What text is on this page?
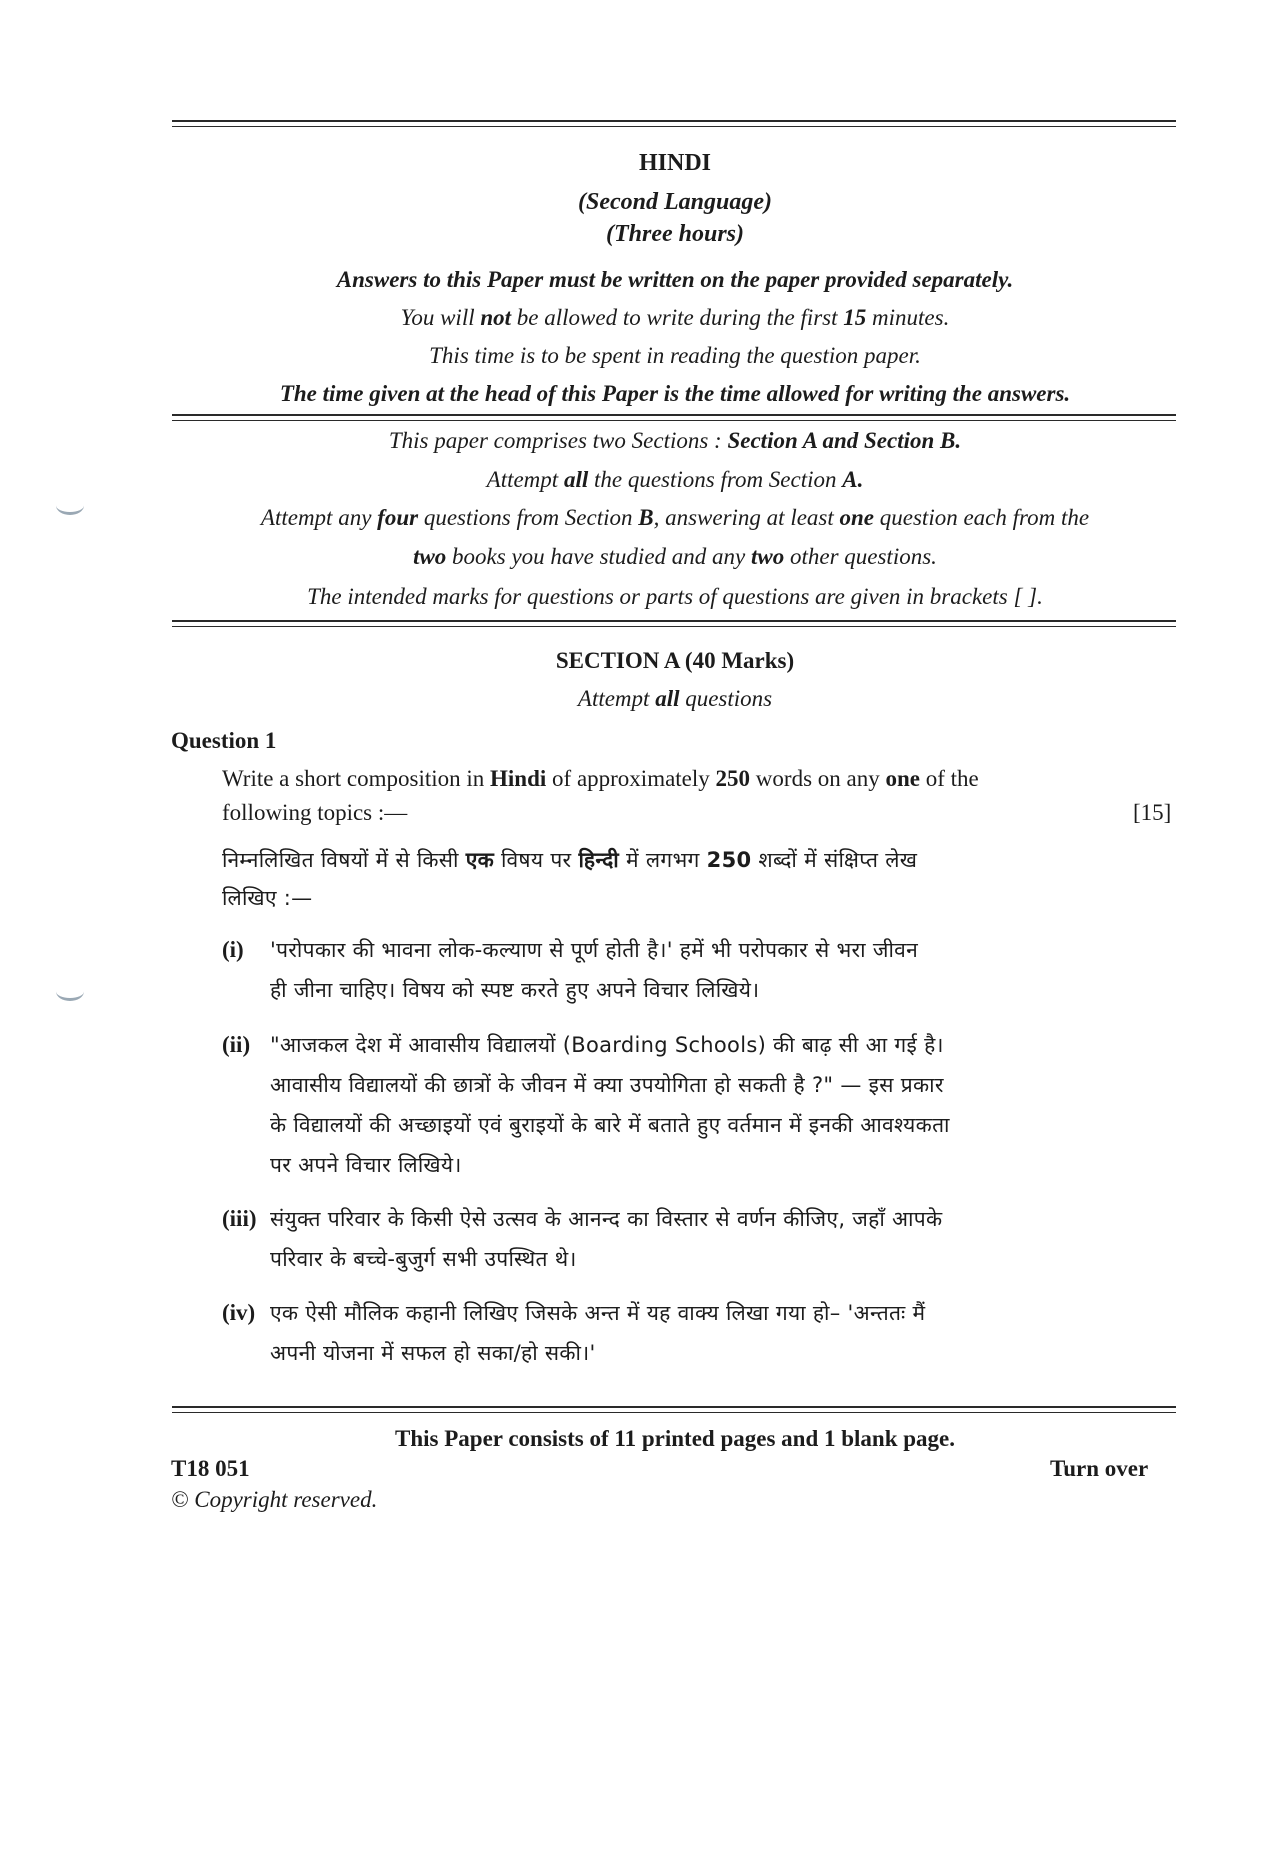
HINDI
(Second Language)
(Three hours)
Answers to this Paper must be written on the paper provided separately.
You will not be allowed to write during the first 15 minutes.
This time is to be spent in reading the question paper.
The time given at the head of this Paper is the time allowed for writing the answers.
This paper comprises two Sections : Section A and Section B.
Attempt all the questions from Section A.
Attempt any four questions from Section B, answering at least one question each from the
two books you have studied and any two other questions.
The intended marks for questions or parts of questions are given in brackets [ ].
SECTION A (40 Marks)
Attempt all questions
Question 1
Write a short composition in Hindi of approximately 250 words on any one of the
following topics :—	[15]
निम्नलिखित विषयों में से किसी एक विषय पर हिन्दी में लगभग 250 शब्दों में संक्षिप्त लेख
लिखिए :—
(i) 'परोपकार की भावना लोक-कल्याण से पूर्ण होती है।' हमें भी परोपकार से भरा जीवन
ही जीना चाहिए। विषय को स्पष्ट करते हुए अपने विचार लिखिये।
(ii) "आजकल देश में आवासीय विद्यालयों (Boarding Schools) की बाढ़ सी आ गई है।
आवासीय विद्यालयों की छात्रों के जीवन में क्या उपयोगिता हो सकती है ?" — इस प्रकार
के विद्यालयों की अच्छाइयों एवं बुराइयों के बारे में बताते हुए वर्तमान में इनकी आवश्यकता
पर अपने विचार लिखिये।
(iii) संयुक्त परिवार के किसी ऐसे उत्सव के आनन्द का विस्तार से वर्णन कीजिए, जहाँ आपके
परिवार के बच्चे-बुजुर्ग सभी उपस्थित थे।
(iv) एक ऐसी मौलिक कहानी लिखिए जिसके अन्त में यह वाक्य लिखा गया हो– 'अन्ततः मैं
अपनी योजना में सफल हो सका/हो सकी।'
This Paper consists of 11 printed pages and 1 blank page.
T18 051	Turn over
© Copyright reserved.
